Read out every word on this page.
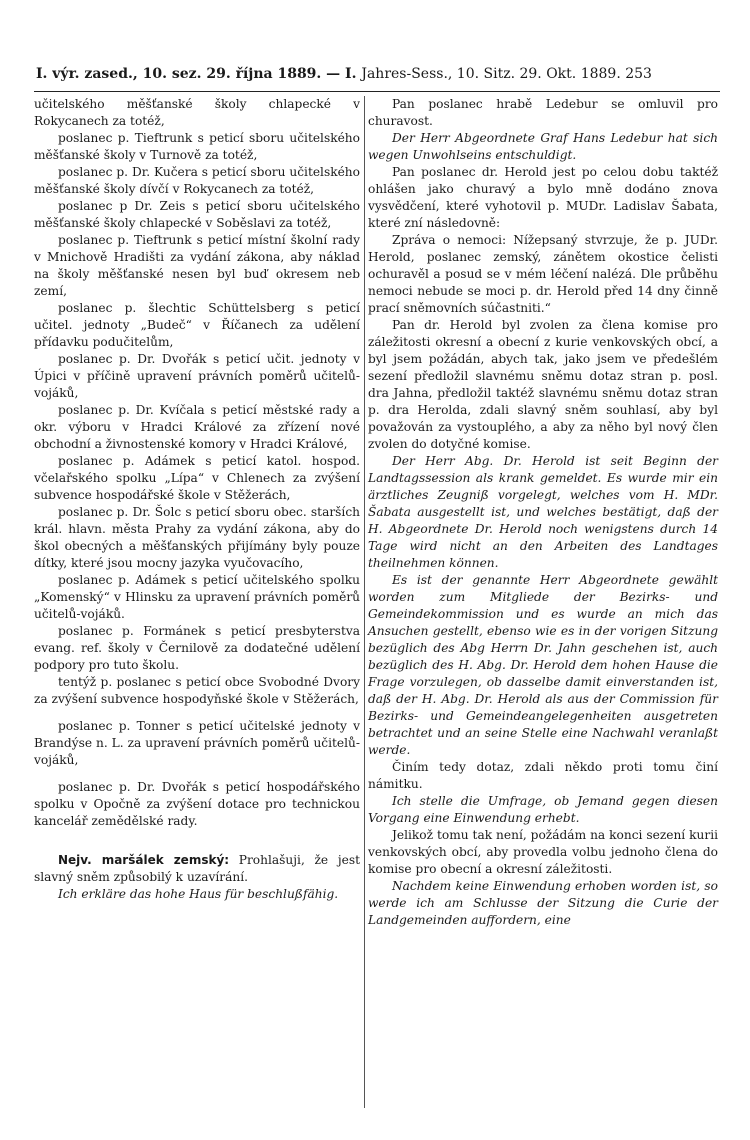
I. výr. zased., 10. sez. 29. října 1889. — I. Jahres-Sess., 10. Sitz. 29. Okt. 1889. 253

učitelského měšťanské školy chlapecké v Rokycanech za totéž,

poslanec p. Tieftrunk s peticí sboru učitelského měšťanské školy v Turnově za totéž,

poslanec p. Dr. Kučera s peticí sboru učitelského měšťanské školy dívčí v Rokycanech za totéž,

poslanec p Dr. Zeis s peticí sboru učitelského měšťanské školy chlapecké v Soběslavi za totéž,

poslanec p. Tieftrunk s peticí místní školní rady v Mnichově Hradišti za vydání zákona, aby náklad na školy měšťanské nesen byl buď okresem neb zemí,

poslanec p. šlechtic Schüttelsberg s peticí učitel. jednoty „Budeč“ v Říčanech za udělení přídavku podučitelům,

poslanec p. Dr. Dvořák s peticí učit. jednoty v Úpici v příčině upravení právních poměrů učitelů-vojáků,

poslanec p. Dr. Kvíčala s peticí městské rady a okr. výboru v Hradci Králové za zřízení nové obchodní a živnostenské komory v Hradci Králové,

poslanec p. Adámek s peticí katol. hospod. včelařského spolku „Lípa“ v Chlenech za zvýšení subvence hospodářské škole v Stěžerách,

poslanec p. Dr. Šolc s peticí sboru obec. starších král. hlavn. města Prahy za vydání zákona, aby do škol obecných a měšťanských přijímány byly pouze dítky, které jsou mocny jazyka vyučovacího,

poslanec p. Adámek s peticí učitelského spolku „Komenský“ v Hlinsku za upravení právních poměrů učitelů-vojáků.

poslanec p. Formánek s peticí presbyterstva evang. ref. školy v Černilově za dodatečné udělení podpory pro tuto školu.

tentýž p. poslanec s peticí obce Svobodné Dvory za zvýšení subvence hospodyňské škole v Stěžerách,

poslanec p. Tonner s peticí učitelské jednoty v Brandýse n. L. za upravení právních poměrů učitelů-vojáků,

poslanec p. Dr. Dvořák s peticí hospodářského spolku v Opočně za zvýšení dotace pro technickou kancelář zemědělské rady.

Nejv. maršálek zemský: Prohlašuji, že jest slavný sněm způsobilý k uzavírání.

Ich erkläre das hohe Haus für beschlußfähig.

Pan poslanec hrabě Ledebur se omluvil pro churavost.

Der Herr Abgeordnete Graf Hans Ledebur hat sich wegen Unwohlseins entschuldigt.

Pan poslanec dr. Herold jest po celou dobu taktéž ohlášen jako churavý a bylo mně dodáno znova vysvědčení, které vyhotovil p. MUDr. Ladislav Šabata, které zní následovně:

Zpráva o nemoci: Nížepsaný stvrzuje, že p. JUDr. Herold, poslanec zemský, zánětem okostice čelisti ochuravěl a posud se v mém léčení nalézá. Dle průběhu nemoci nebude se moci p. dr. Herold před 14 dny činně prací sněmovních súčastniti.“

Pan dr. Herold byl zvolen za člena komise pro záležitosti okresní a obecní z kurie venkovských obcí, a byl jsem požádán, abych tak, jako jsem ve předešlém sezení předložil slavnému sněmu dotaz stran p. posl. dra Jahna, předložil taktéž slavnému sněmu dotaz stran p. dra Herolda, zdali slavný sněm souhlasí, aby byl považován za vystouplého, a aby za něho byl nový člen zvolen do dotyčné komise.

Der Herr Abg. Dr. Herold ist seit Beginn der Landtagssession als krank gemeldet. Es wurde mir ein ärztliches Zeugniß vorgelegt, welches vom H. MDr. Šabata ausgestellt ist, und welches bestätigt, daß der H. Abgeordnete Dr. Herold noch wenigstens durch 14 Tage wird nicht an den Arbeiten des Landtages theilnehmen können.

Es ist der genannte Herr Abgeordnete gewählt worden zum Mitgliede der Bezirks- und Gemeindekommission und es wurde an mich das Ansuchen gestellt, ebenso wie es in der vorigen Sitzung bezüglich des Abg Herrn Dr. Jahn geschehen ist, auch bezüglich des H. Abg. Dr. Herold dem hohen Hause die Frage vorzulegen, ob dasselbe damit einverstanden ist, daß der H. Abg. Dr. Herold als aus der Commission für Bezirks- und Gemeindeangelegenheiten ausgetreten betrachtet und an seine Stelle eine Nachwahl veranlaßt werde.

Činím tedy dotaz, zdali někdo proti tomu činí námitku.

Ich stelle die Umfrage, ob Jemand gegen diesen Vorgang eine Einwendung erhebt.

Jelikož tomu tak není, požádám na konci sezení kurii venkovských obcí, aby provedla volbu jednoho člena do komise pro obecní a okresní záležitosti.

Nachdem keine Einwendung erhoben worden ist, so werde ich am Schlusse der Sitzung die Curie der Landgemeinden auffordern, eine
